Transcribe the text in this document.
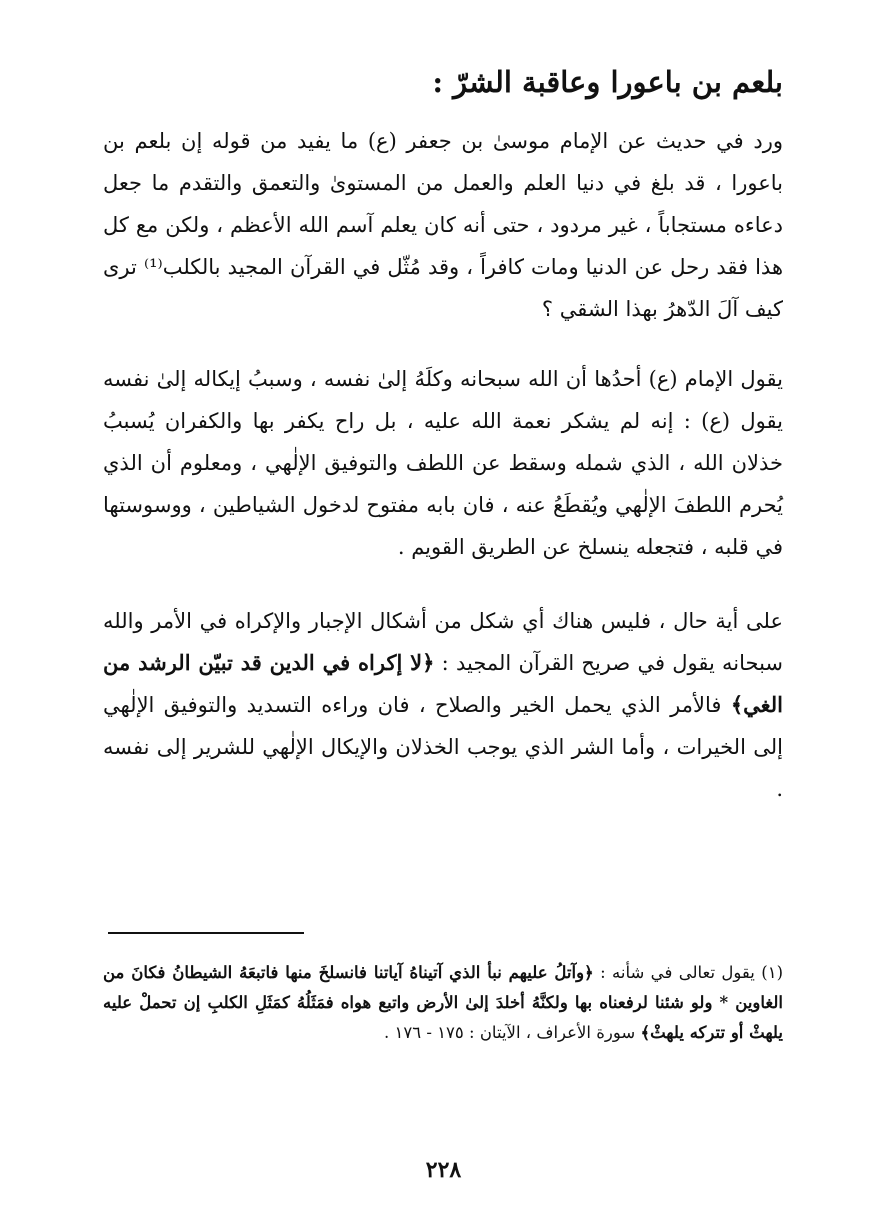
بلعم بن باعورا وعاقبة الشرّ :

ورد في حديث عن الإمام موسىٰ بن جعفر (ع) ما يفيد من قوله إن بلعم بن باعورا ، قد بلغ في دنيا العلم والعمل من المستوىٰ والتعمق والتقدم ما جعل دعاءه مستجاباً ، غير مردود ، حتى أنه كان يعلم آسم الله الأعظم ، ولكن مع كل هذا فقد رحل عن الدنيا ومات كافراً ، وقد مُثّل في القرآن المجيد بالكلب⁽¹⁾ ترى كيف آلَ الدّهرُ بهذا الشقي ؟

يقول الإمام (ع) أحدُها أن الله سبحانه وكلَهُ إلىٰ نفسه ، وسببُ إيكاله إلىٰ نفسه يقول (ع) : إنه لم يشكر نعمة الله عليه ، بل راح يكفر بها والكفران يُسببُ خذلان الله ، الذي شمله وسقط عن اللطف والتوفيق الإلٰهي ، ومعلوم أن الذي يُحرم اللطفَ الإلٰهي ويُقطَعُ عنه ، فان بابه مفتوح لدخول الشياطين ، ووسوستها في قلبه ، فتجعله ينسلخ عن الطريق القويم .

على أية حال ، فليس هناك أي شكل من أشكال الإجبار والإكراه في الأمر والله سبحانه يقول في صريح القرآن المجيد : ﴿لا إكراه في الدين قد تبيّن الرشد من الغي﴾ فالأمر الذي يحمل الخير والصلاح ، فان وراءه التسديد والتوفيق الإلٰهي إلى الخيرات ، وأما الشر الذي يوجب الخذلان والإيكال الإلٰهي للشرير إلى نفسه .

(١) يقول تعالى في شأنه : ﴿وآتلُ عليهم نبأ الذي آتيناهُ آياتنا فانسلخَ منها فاتبعَهُ الشيطانُ فكانَ من الغاوين * ولو شئنا لرفعناه بها ولكنَّهُ أخلدَ إلىٰ الأرض واتبع هواه فمَثَلُهُ كمَثَلِ الكلبِ إن تحملْ عليه يلهثْ أو تتركه يلهثْ﴾ سورة الأعراف ، الآيتان : ١٧٥ - ١٧٦ .

٢٢٨
